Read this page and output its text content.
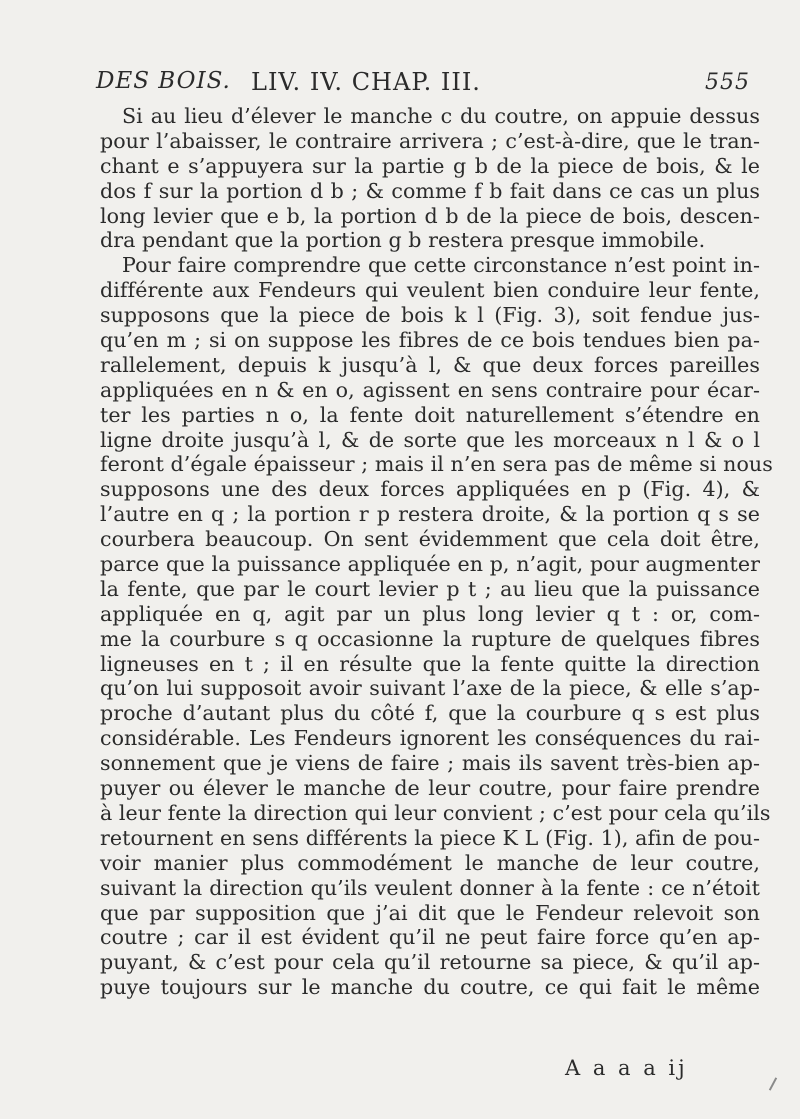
DES BOIS. LIV. IV. CHAP. III.	555
Si au lieu d’élever le manche c du coutre, on appuie dessus
pour l’abaisser, le contraire arrivera ; c’est-à-dire, que le tran-
chant e s’appuyera sur la partie g b de la piece de bois, & le
dos f sur la portion d b ; & comme f b fait dans ce cas un plus
long levier que e b, la portion d b de la piece de bois, descen-
dra pendant que la portion g b restera presque immobile.
Pour faire comprendre que cette circonstance n’est point in-
différente aux Fendeurs qui veulent bien conduire leur fente,
supposons que la piece de bois k l (Fig. 3), soit fendue jus-
qu’en m ; si on suppose les fibres de ce bois tendues bien pa-
rallelement, depuis k jusqu’à l, & que deux forces pareilles
appliquées en n & en o, agissent en sens contraire pour écar-
ter les parties n o, la fente doit naturellement s’étendre en
ligne droite jusqu’à l, & de sorte que les morceaux n l & o l
feront d’égale épaisseur ; mais il n’en sera pas de même si nous
supposons une des deux forces appliquées en p (Fig. 4), &
l’autre en q ; la portion r p restera droite, & la portion q s se
courbera beaucoup. On sent évidemment que cela doit être,
parce que la puissance appliquée en p, n’agit, pour augmenter
la fente, que par le court levier p t ; au lieu que la puissance
appliquée en q, agit par un plus long levier q t : or, com-
me la courbure s q occasionne la rupture de quelques fibres
ligneuses en t ; il en résulte que la fente quitte la direction
qu’on lui supposoit avoir suivant l’axe de la piece, & elle s’ap-
proche d’autant plus du côté f, que la courbure q s est plus
considérable. Les Fendeurs ignorent les conséquences du rai-
sonnement que je viens de faire ; mais ils savent très-bien ap-
puyer ou élever le manche de leur coutre, pour faire prendre
à leur fente la direction qui leur convient ; c’est pour cela qu’ils
retournent en sens différents la piece K L (Fig. 1), afin de pou-
voir manier plus commodément le manche de leur coutre,
suivant la direction qu’ils veulent donner à la fente : ce n’étoit
que par supposition que j’ai dit que le Fendeur relevoit son
coutre ; car il est évident qu’il ne peut faire force qu’en ap-
puyant, & c’est pour cela qu’il retourne sa piece, & qu’il ap-
puye toujours sur le manche du coutre, ce qui fait le même
A a a a ij
